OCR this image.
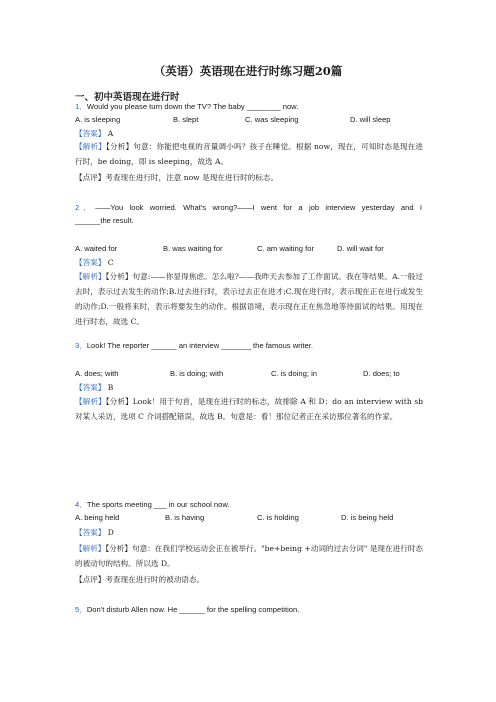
（英语）英语现在进行时练习题20篇
一、初中英语现在进行时
1．Would you please turn down the TV? The baby ________ now.
A. is sleeping	B. slept	C. was sleeping	D. will sleep
【答案】 A
【解析】【分析】句意：你能把电视的音量调小吗？孩子在睡觉。根据 now，现在，可知时态是现在进行时，be doing，即 is sleeping，故选 A。
【点评】考查现在进行时，注意 now 是现在进行时的标志。
2．——You look worried. What's wrong?——I went for a job interview yesterday and I
______the result.
A. waited for	B. was waiting for	C. am waiting for	D. will wait for
【答案】 C
【解析】【分析】句意:——你显得焦虑。怎么啦?——我昨天去参加了工作面试。我在等结果。A.一般过去时，表示过去发生的动作;B.过去进行时，表示过去正在进才;C.现在进行时，表示现在正在进行或发生的动作;D.一般将来时，表示将要发生的动作。根据语境，表示现在正在焦急地等待面试的结果。用现在进行时态，故选 C。
3．Look! The reporter ______ an interview _______ the famous writer.
A. does; with	B. is doing; with	C. is doing; in	D. does; to
【答案】 B
【解析】【分析】Look！用于句首，是现在进行时的标志，故排除 A 和 D；do an interview with sb 对某人采访，选项 C 介词搭配错误，故选 B。句意是：看！那位记者正在采访那位著名的作家。
4．The sports meeting ___ in our school now.
A. being held	B. is having	C. is holding	D. is being held
【答案】 D
【解析】【分析】句意：在我们学校运动会正在被举行。"be+being +动词的过去分词" 是现在进行时态的被动句的结构。所以选 D。
【点评】考查现在进行时的被动语态。
5．Don't disturb Allen now. He ______ for the spelling competition.
